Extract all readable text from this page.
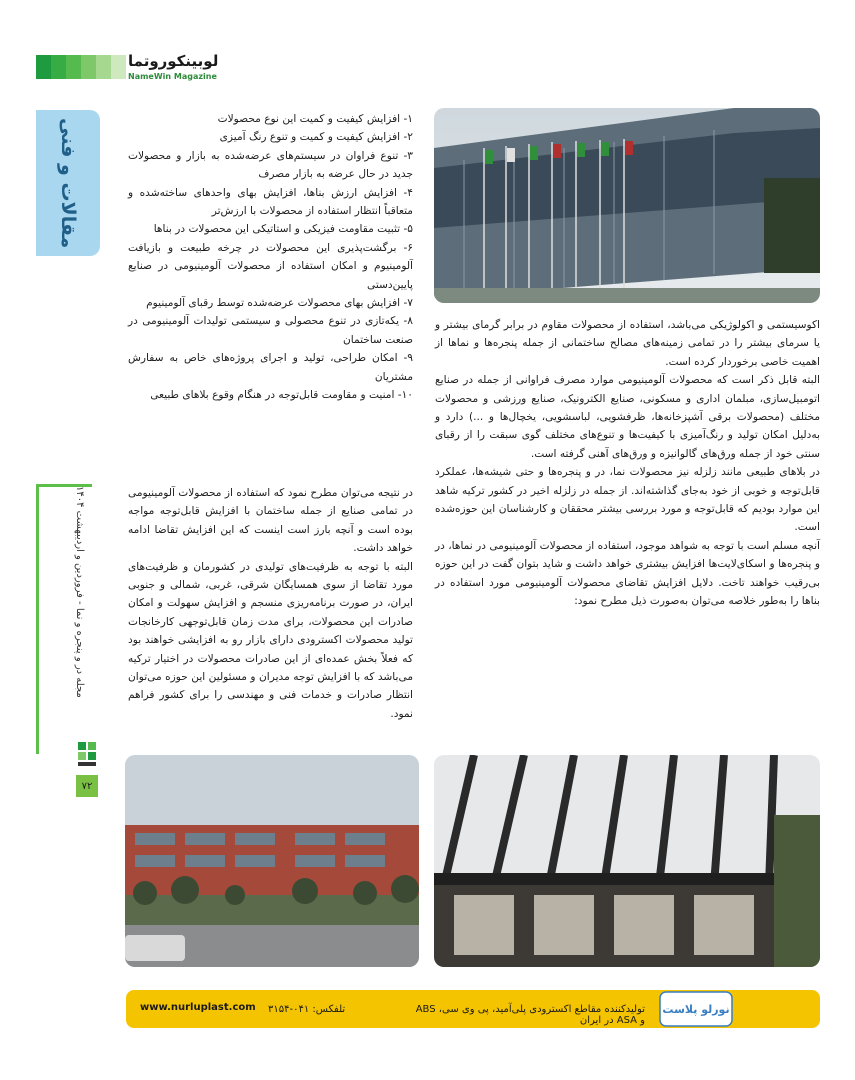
لوبینکوروتما
NameWin Magazine
مقالات و فنی
مجله در و پنجره و نما - فروردین و اردیبهشت ۱۴۰۴
۷۲

۱- افزایش کیفیت و کمیت این نوع محصولات

۲- افزایش کیفیت و کمیت و تنوع رنگ آمیزی

۳- تنوع فراوان در سیستم‌های عرضه‌شده به بازار و محصولات جدید در حال عرضه به بازار مصرف

۴- افزایش ارزش بناها، افزایش بهای واحدهای ساخته‌شده و متعاقباً انتظار استفاده از محصولات با ارزش‌تر

۵- تثبیت مقاومت فیزیکی و استاتیکی این محصولات در بناها

۶- برگشت‌پذیری این محصولات در چرخه طبیعت و بازیافت آلومینیوم و امکان استفاده از محصولات آلومینیومی در صنایع پایین‌دستی

۷- افزایش بهای محصولات عرضه‌شده توسط رقبای آلومینیوم

۸- یکه‌تازی در تنوع محصولی و سیستمی تولیدات آلومینیومی در صنعت ساختمان

۹- امکان طراحی، تولید و اجرای پروژه‌های خاص به سفارش مشتریان

۱۰- امنیت و مقاومت قابل‌توجه در هنگام وقوع بلاهای طبیعی

اکوسیستمی و اکولوژیکی می‌باشد، استفاده از محصولات مقاوم در برابر گرمای بیشتر و یا سرمای بیشتر را در تمامی زمینه‌های مصالح ساختمانی از جمله پنجره‌ها و نماها از اهمیت خاصی برخوردار کرده است.

البته قابل ذکر است که محصولات آلومینیومی موارد مصرف فراوانی از جمله در صنایع اتومبیل‌سازی، مبلمان اداری و مسکونی، صنایع الکترونیک، صنایع ورزشی و محصولات مختلف (محصولات برقی آشپزخانه‌ها، ظرفشویی، لباسشویی، یخچال‌ها و ...) دارد و به‌دلیل امکان تولید و رنگ‌آمیزی با کیفیت‌ها و تنوع‌های مختلف گوی سبقت را از رقبای سنتی خود از جمله ورق‌های گالوانیزه و ورق‌های آهنی گرفته است.

در بلاهای طبیعی مانند زلزله نیز محصولات نما، در و پنجره‌ها و حتی شیشه‌ها، عملکرد قابل‌توجه و خوبی از خود به‌جای گذاشته‌اند. از جمله در زلزله اخیر در کشور ترکیه شاهد این موارد بودیم که قابل‌توجه و مورد بررسی بیشتر محققان و کارشناسان این حوزه‌شده است.

آنچه مسلم است با توجه به شواهد موجود، استفاده از محصولات آلومینیومی در نماها، در و پنجره‌ها و اسکای‌لایت‌ها افزایش بیشتری خواهد داشت و شاید بتوان گفت در این حوزه بی‌رقیب خواهند تاخت. دلایل افزایش تقاضای محصولات آلومینیومی مورد استفاده در بناها را به‌طور خلاصه می‌توان به‌صورت ذیل مطرح نمود:

در نتیجه می‌توان مطرح نمود که استفاده از محصولات آلومینیومی در تمامی صنایع از جمله ساختمان با افزایش قابل‌توجه مواجه بوده است و آنچه بارز است اینست که این افزایش تقاضا ادامه خواهد داشت.

البته با توجه به ظرفیت‌های تولیدی در کشورمان و ظرفیت‌های مورد تقاضا از سوی همسایگان شرقی، غربی، شمالی و جنوبی ایران، در صورت برنامه‌ریزی منسجم و افزایش سهولت و امکان صادرات این محصولات، برای مدت زمان قابل‌توجهی کارخانجات تولید محصولات اکسترودی دارای بازار رو به افزایشی خواهند بود که فعلاً بخش عمده‌ای از این صادرات محصولات در اختیار ترکیه می‌باشد که با افزایش توجه مدیران و مسئولین این حوزه می‌توان انتظار صادرات و خدمات فنی و مهندسی را برای کشور فراهم نمود.

www.nurluplast.com تلفکس: ۰۴۱-۳۱۵۴	تولیدکننده مقاطع اکسترودی پلی‌آمید، پی وی سی، ABS و ASA در ایران
نورلو پلاست
